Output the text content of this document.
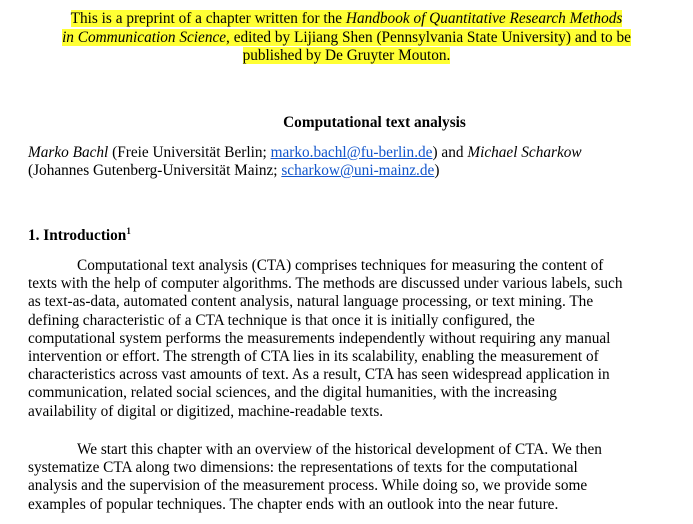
This is a preprint of a chapter written for the Handbook of Quantitative Research Methods
in Communication Science, edited by Lijiang Shen (Pennsylvania State University) and to be
published by De Gruyter Mouton.
Computational text analysis
Marko Bachl (Freie Universität Berlin; marko.bachl@fu-berlin.de) and Michael Scharkow
(Johannes Gutenberg-Universität Mainz; scharkow@uni-mainz.de)
1. Introduction$^1$

Computational text analysis (CTA) comprises techniques for measuring the content of
texts with the help of computer algorithms. The methods are discussed under various labels, such
as text-as-data, automated content analysis, natural language processing, or text mining. The
defining characteristic of a CTA technique is that once it is initially configured, the
computational system performs the measurements independently without requiring any manual
intervention or effort. The strength of CTA lies in its scalability, enabling the measurement of
characteristics across vast amounts of text. As a result, CTA has seen widespread application in
communication, related social sciences, and the digital humanities, with the increasing
availability of digital or digitized, machine-readable texts.

We start this chapter with an overview of the historical development of CTA. We then
systematize CTA along two dimensions: the representations of texts for the computational
analysis and the supervision of the measurement process. While doing so, we provide some
examples of popular techniques. The chapter ends with an outlook into the near future.
